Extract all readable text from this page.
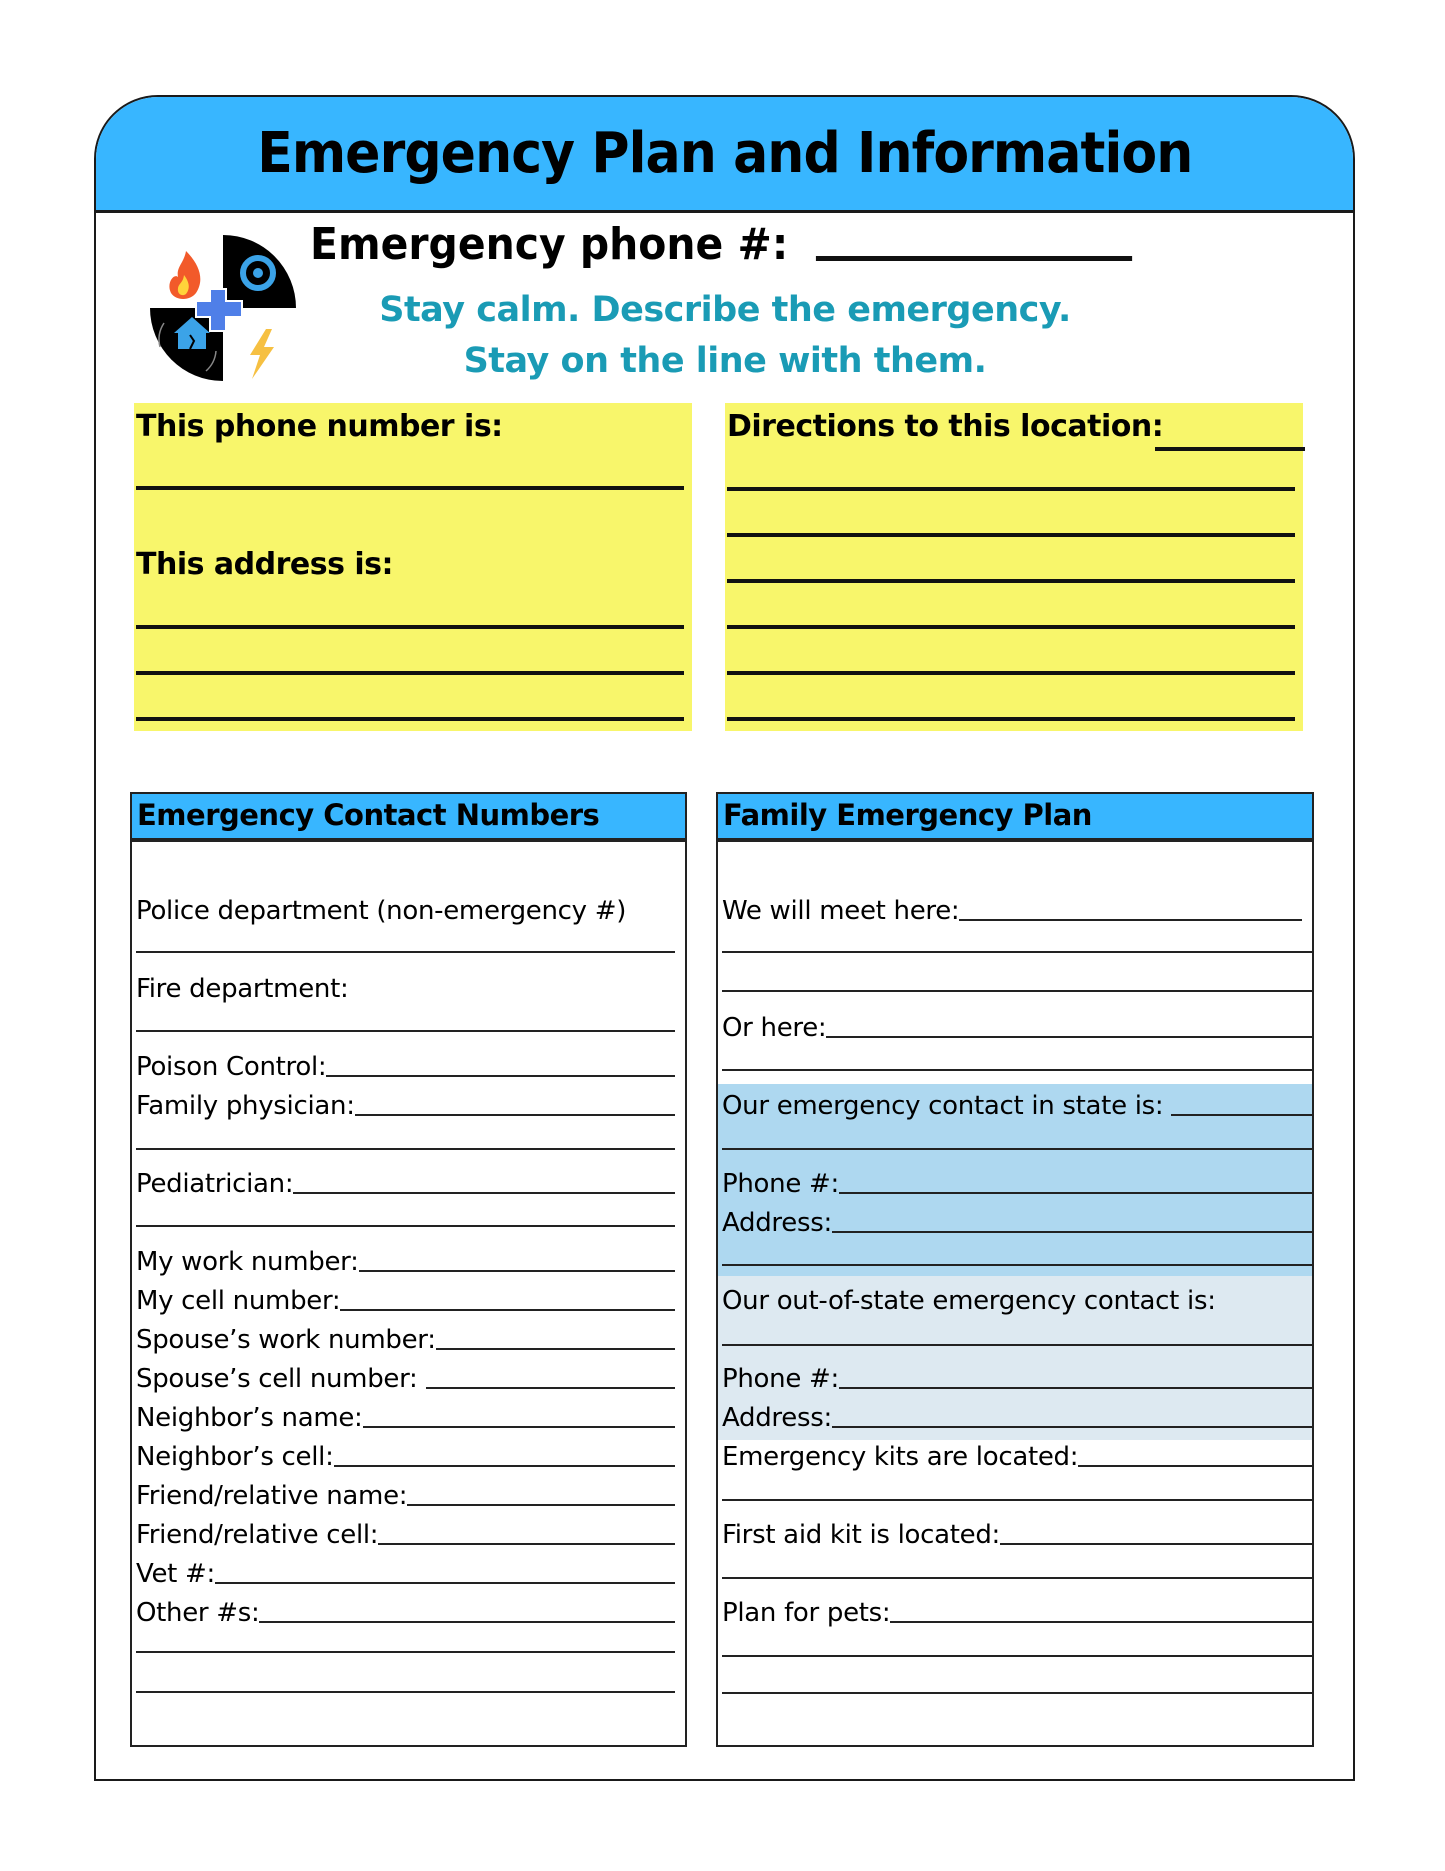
Emergency Plan and Information
Emergency phone #:
Stay calm. Describe the emergency.
Stay on the line with them.
This phone number is:
This address is:
Directions to this location:
Emergency Contact Numbers
Police department (non-emergency #)
Fire department:
Poison Control:
Family physician:
Pediatrician:
My work number:
My cell number:
Spouse’s work number:
Spouse’s cell number:
Neighbor’s name:
Neighbor’s cell:
Friend/relative name:
Friend/relative cell:
Vet #:
Other #s:
Family Emergency Plan
We will meet here:
Or here:
Our emergency contact in state is:
Phone #:
Address:
Our out-of-state emergency contact is:
Phone #:
Address:
Emergency kits are located:
First aid kit is located:
Plan for pets:
